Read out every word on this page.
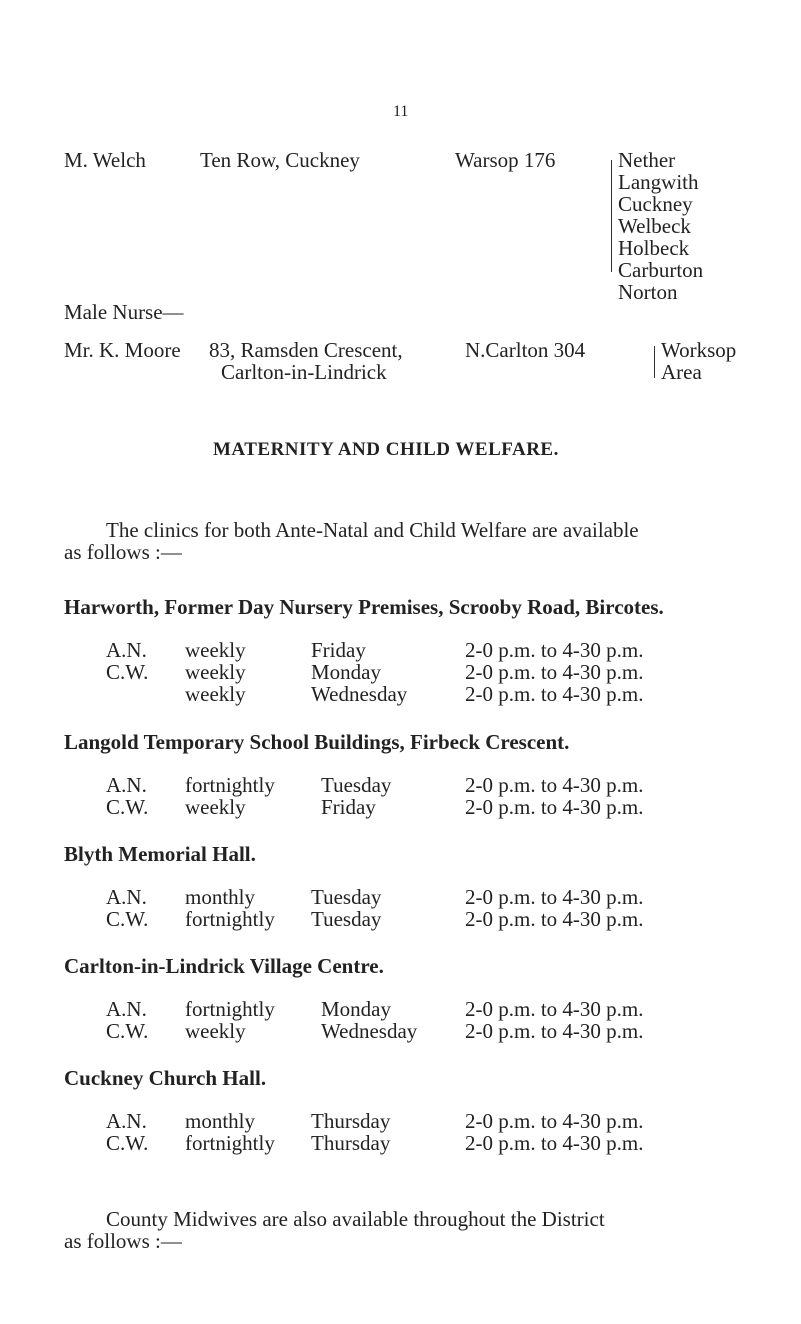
11
M. Welch	Ten Row, Cuckney	Warsop 176	Nether
Langwith
Cuckney
Welbeck
Holbeck
Carburton
Norton
Male Nurse—
Mr. K. Moore 83, Ramsden Crescent,
Carlton-in-Lindrick
N.Carlton 304	Worksop
Area
MATERNITY AND CHILD WELFARE.
The clinics for both Ante-Natal and Child Welfare are available
as follows :—
Harworth, Former Day Nursery Premises, Scrooby Road, Bircotes.
A.N. weekly	Friday	2-0 p.m. to 4-30 p.m.
C.W. weekly	Monday	2-0 p.m. to 4-30 p.m.
weekly	Wednesday	2-0 p.m. to 4-30 p.m.
Langold Temporary School Buildings, Firbeck Crescent.
A.N. fortnightly Tuesday	2-0 p.m. to 4-30 p.m.
C.W. weekly	Friday	2-0 p.m. to 4-30 p.m.
Blyth Memorial Hall.
A.N. monthly	Tuesday	2-0 p.m. to 4-30 p.m.
C.W. fortnightly Tuesday	2-0 p.m. to 4-30 p.m.
Carlton-in-Lindrick Village Centre.
A.N. fortnightly Monday	2-0 p.m. to 4-30 p.m.
C.W. weekly	Wednesday 2-0 p.m. to 4-30 p.m.
Cuckney Church Hall.
A.N. monthly	Thursday	2-0 p.m. to 4-30 p.m.
C.W. fortnightly Thursday	2-0 p.m. to 4-30 p.m.
County Midwives are also available throughout the District
as follows :—
